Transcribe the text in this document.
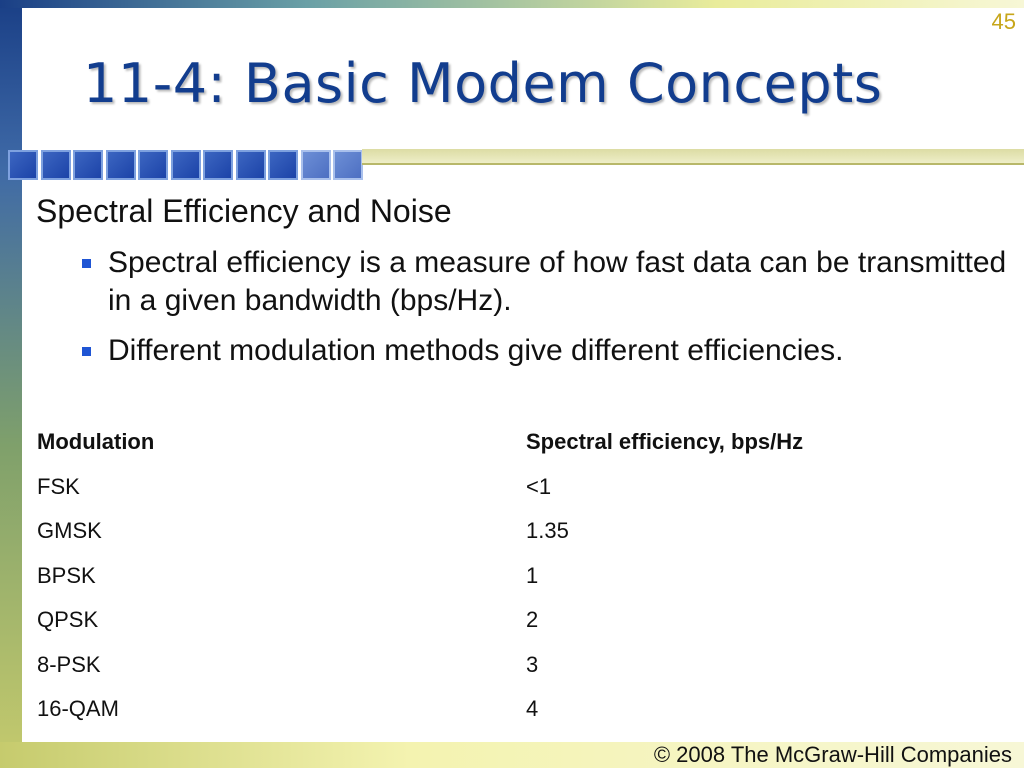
45
11-4: Basic Modem Concepts
Spectral Efficiency and Noise
Spectral efficiency is a measure of how fast data can be transmitted in a given bandwidth (bps/Hz).
Different modulation methods give different efficiencies.
Modulation	Spectral efficiency, bps/Hz
FSK	<1
GMSK	1.35
BPSK	1
QPSK	2
8-PSK	3
16-QAM	4
© 2008 The McGraw-Hill Companies
